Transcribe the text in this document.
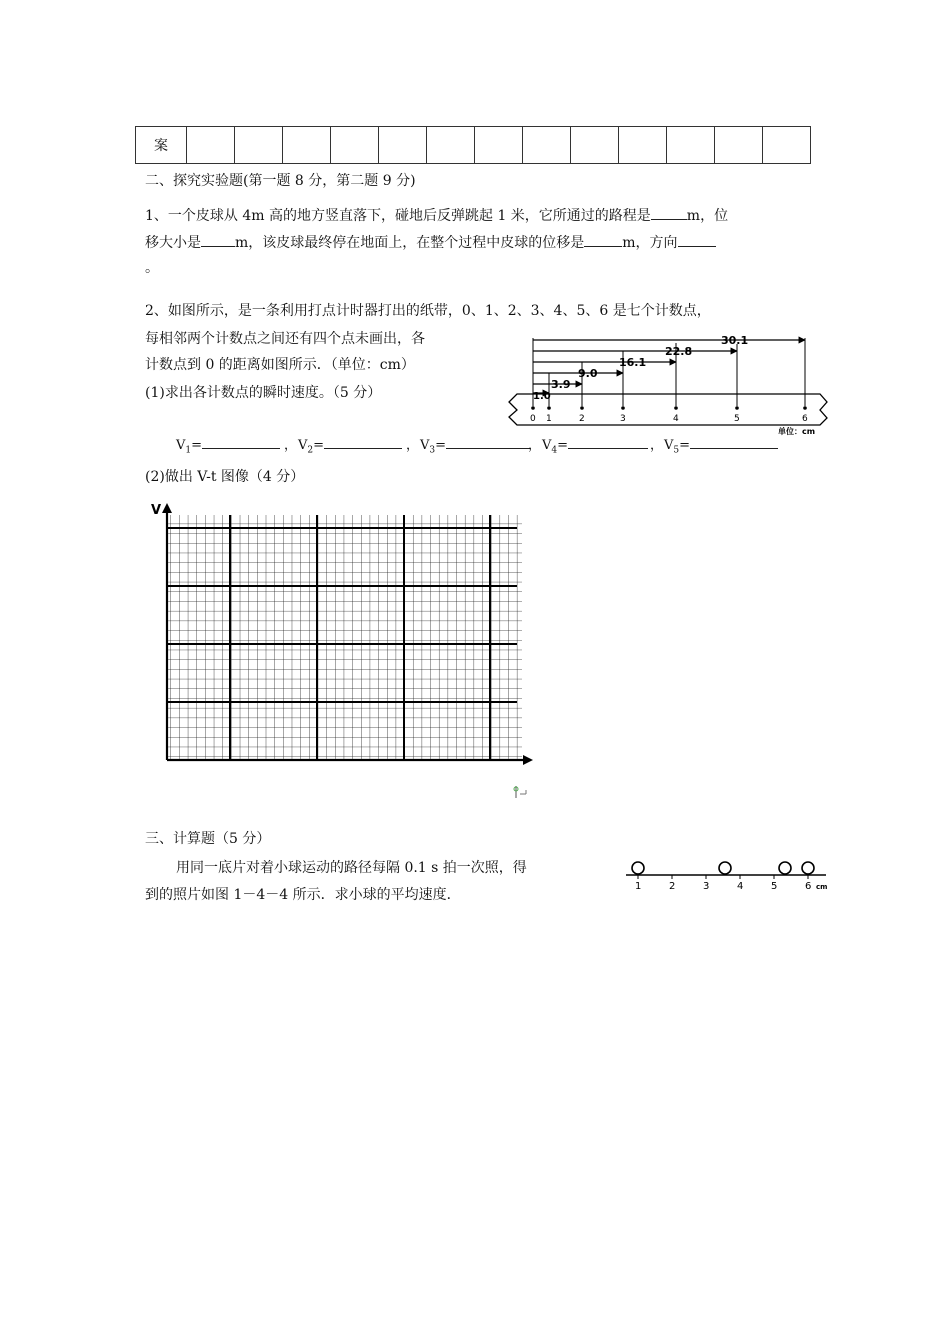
案													
二、探究实验题(第一题 8 分，第二题 9 分)
1、一个皮球从 4m 高的地方竖直落下，碰地后反弹跳起 1 米，它所通过的路程是	m，位
移大小是 m，该皮球最终停在地面上，在整个过程中皮球的位移是	m，方向
。
2、如图所示，是一条利用打点计时器打出的纸带，0、1、2、3、4、5、6 是七个计数点，
每相邻两个计数点之间还有四个点未画出，各
计数点到 0 的距离如图所示．（单位：cm）
(1)求出各计数点的瞬时速度。（5 分）
30.1
22.8
16.1
9.0
3.9
1.0
0 1	2	3	4	5	6
单位：cm
$V_1=$	， $V_2=$	， $V_3=$	， $V_4=$	， $V_5=$
(2)做出 V-t 图像（4 分）
V
三、计算题（5 分）
用同一底片对着小球运动的路径每隔 0.1 s 拍一次照，得
到的照片如图 1－4－4 所示．求小球的平均速度．
1	2	3	4	5	6 cm
